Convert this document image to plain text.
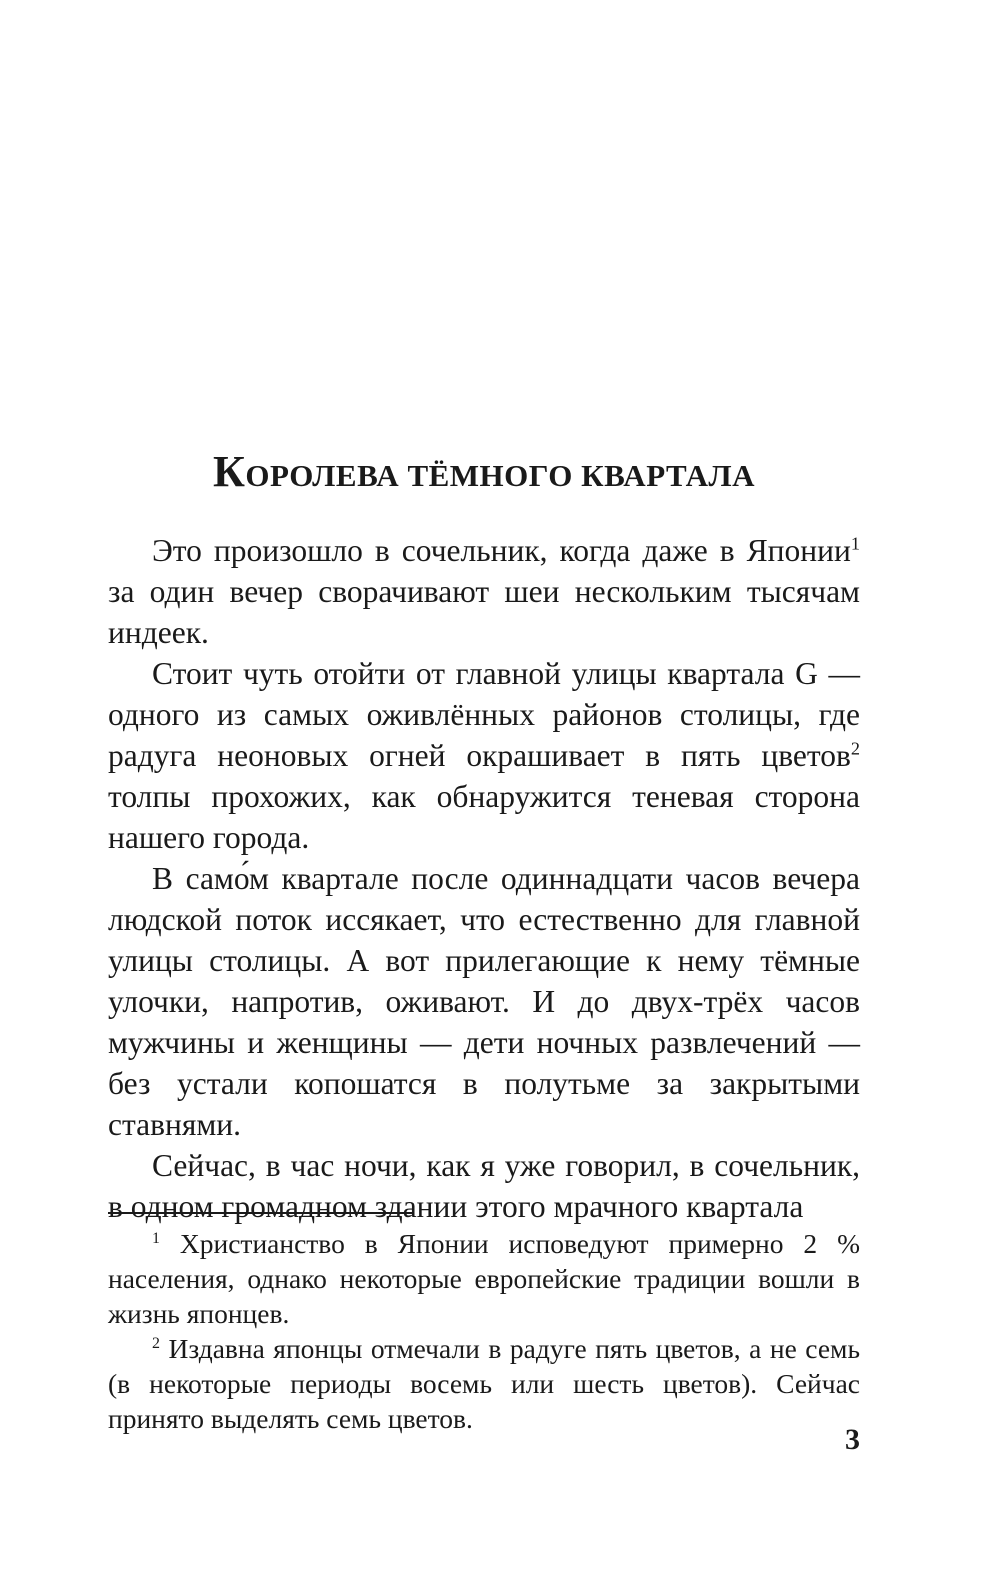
КОРОЛЕВА ТЁМНОГО КВАРТАЛА

Это произошло в сочельник, когда даже в Японии$^1$ за один вечер сворачивают шеи нескольким тысячам индеек.

Стоит чуть отойти от главной улицы квартала G — одного из самых оживлённых районов столицы, где радуга неоновых огней окрашивает в пять цветов$^2$ толпы прохожих, как обнаружится теневая сторона нашего города.

В само́м квартале после одиннадцати часов вечера людской поток иссякает, что естественно для главной улицы столицы. А вот прилегающие к нему тёмные улочки, напротив, оживают. И до двух-трёх часов мужчины и женщины — дети ночных развлечений — без устали копошатся в полутьме за закрытыми ставнями.

Сейчас, в час ночи, как я уже говорил, в сочельник, в одном громадном здании этого мрачного квартала

$^1$ Христианство в Японии исповедуют примерно 2 % населения, однако некоторые европейские традиции вошли в жизнь японцев.

$^2$ Издавна японцы отмечали в радуге пять цветов, а не семь (в некоторые периоды восемь или шесть цветов). Сейчас принято выделять семь цветов.

3
